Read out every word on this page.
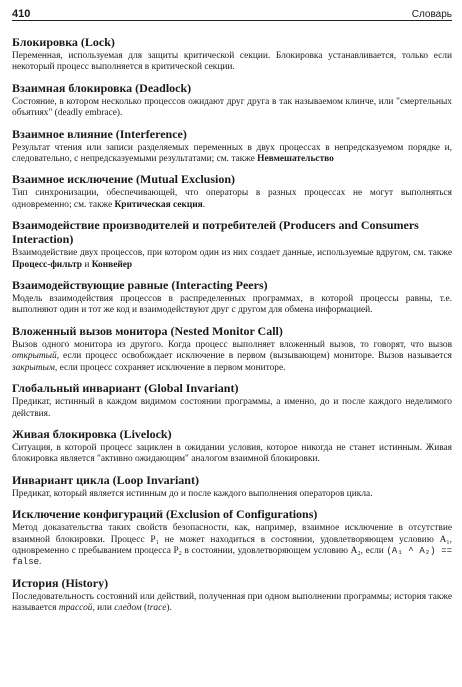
410	Словарь
Блокировка (Lock)

Переменная, используемая для защиты критической секции. Блокировка устанавливается, только если некоторый процесс выполняется в критической секции.

Взаимная блокировка (Deadlock)

Состояние, в котором несколько процессов ожидают друг друга в так называемом клинче, или "смертельных объятиях" (deadly embrace).

Взаимное влияние (Interference)

Результат чтения или записи разделяемых переменных в двух процессах в непредсказуемом порядке и, следовательно, с непредсказуемыми результатами; см. также Невмешательство

Взаимное исключение (Mutual Exclusion)

Тип синхронизации, обеспечивающей, что операторы в разных процессах не могут выполняться одновременно; см. также Критическая секция.

Взаимодействие производителей и потребителей (Producers and Consumers Interaction)

Взаимодействие двух процессов, при котором один из них создает данные, используемые вдругом, см. также Процесс-фильтр и Конвейер

Взаимодействующие равные (Interacting Peers)

Модель взаимодействия процессов в распределенных программах, в которой процессы равны, т.е. выполняют один и тот же код и взаимодействуют друг с другом для обмена информацией.

Вложенный вызов монитора (Nested Monitor Call)

Вызов одного монитора из другого. Когда процесс выполняет вложенный вызов, то говорят, что вызов открытый, если процесс освобождает исключение в первом (вызывающем) мониторе. Вызов называется закрытым, если процесс сохраняет исключение в первом мониторе.

Глобальный инвариант (Global Invariant)

Предикат, истинный в каждом видимом состоянии программы, а именно, до и после каждого неделимого действия.

Живая блокировка (Livelock)

Ситуация, в которой процесс зациклен в ожидании условия, которое никогда не станет истинным. Живая блокировка является "активно ожидающим" аналогом взаимной блокировки.

Инвариант цикла (Loop Invariant)

Предикат, который является истинным до и после каждого выполнения операторов цикла.

Исключение конфигураций (Exclusion of Configurations)

Метод доказательства таких свойств безопасности, как, например, взаимное исключение в отсутствие взаимной блокировки. Процесс P₁ не может находиться в состоянии, удовлетворяющем условию A₁, одновременно с пребыванием процесса P₂ в состоянии, удовлетворяющем условию A₂, если (A₁ ^ A₂) == false.

История (History)

Последовательность состояний или действий, полученная при одном выполнении программы; история также называется трассой, или следом (trace).
